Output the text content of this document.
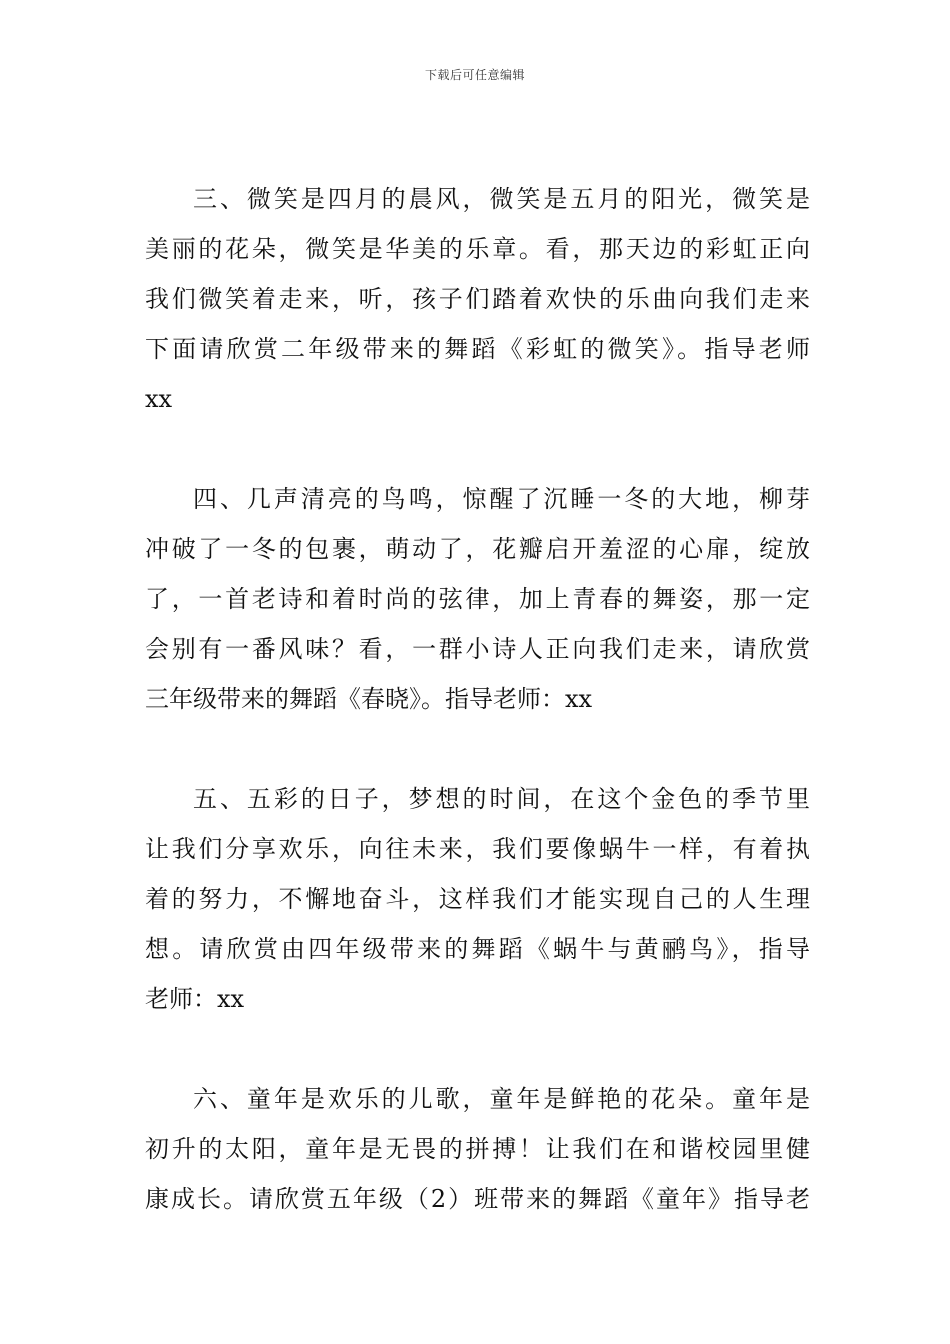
下载后可任意编辑

三、微笑是四月的晨风，微笑是五月的阳光，微笑是
美丽的花朵，微笑是华美的乐章。看，那天边的彩虹正向
我们微笑着走来，听，孩子们踏着欢快的乐曲向我们走来
下面请欣赏二年级带来的舞蹈《彩虹的微笑》。指导老师
xx

四、几声清亮的鸟鸣，惊醒了沉睡一冬的大地，柳芽
冲破了一冬的包裹，萌动了，花瓣启开羞涩的心扉，绽放
了，一首老诗和着时尚的弦律，加上青春的舞姿，那一定
会别有一番风味？看，一群小诗人正向我们走来，请欣赏
三年级带来的舞蹈《春晓》。指导老师：xx

五、五彩的日子，梦想的时间，在这个金色的季节里
让我们分享欢乐，向往未来，我们要像蜗牛一样，有着执
着的努力，不懈地奋斗，这样我们才能实现自己的人生理
想。请欣赏由四年级带来的舞蹈《蜗牛与黄鹂鸟》，指导
老师：xx

六、童年是欢乐的儿歌，童年是鲜艳的花朵。童年是
初升的太阳，童年是无畏的拼搏！让我们在和谐校园里健
康成长。请欣赏五年级（2）班带来的舞蹈《童年》指导老
